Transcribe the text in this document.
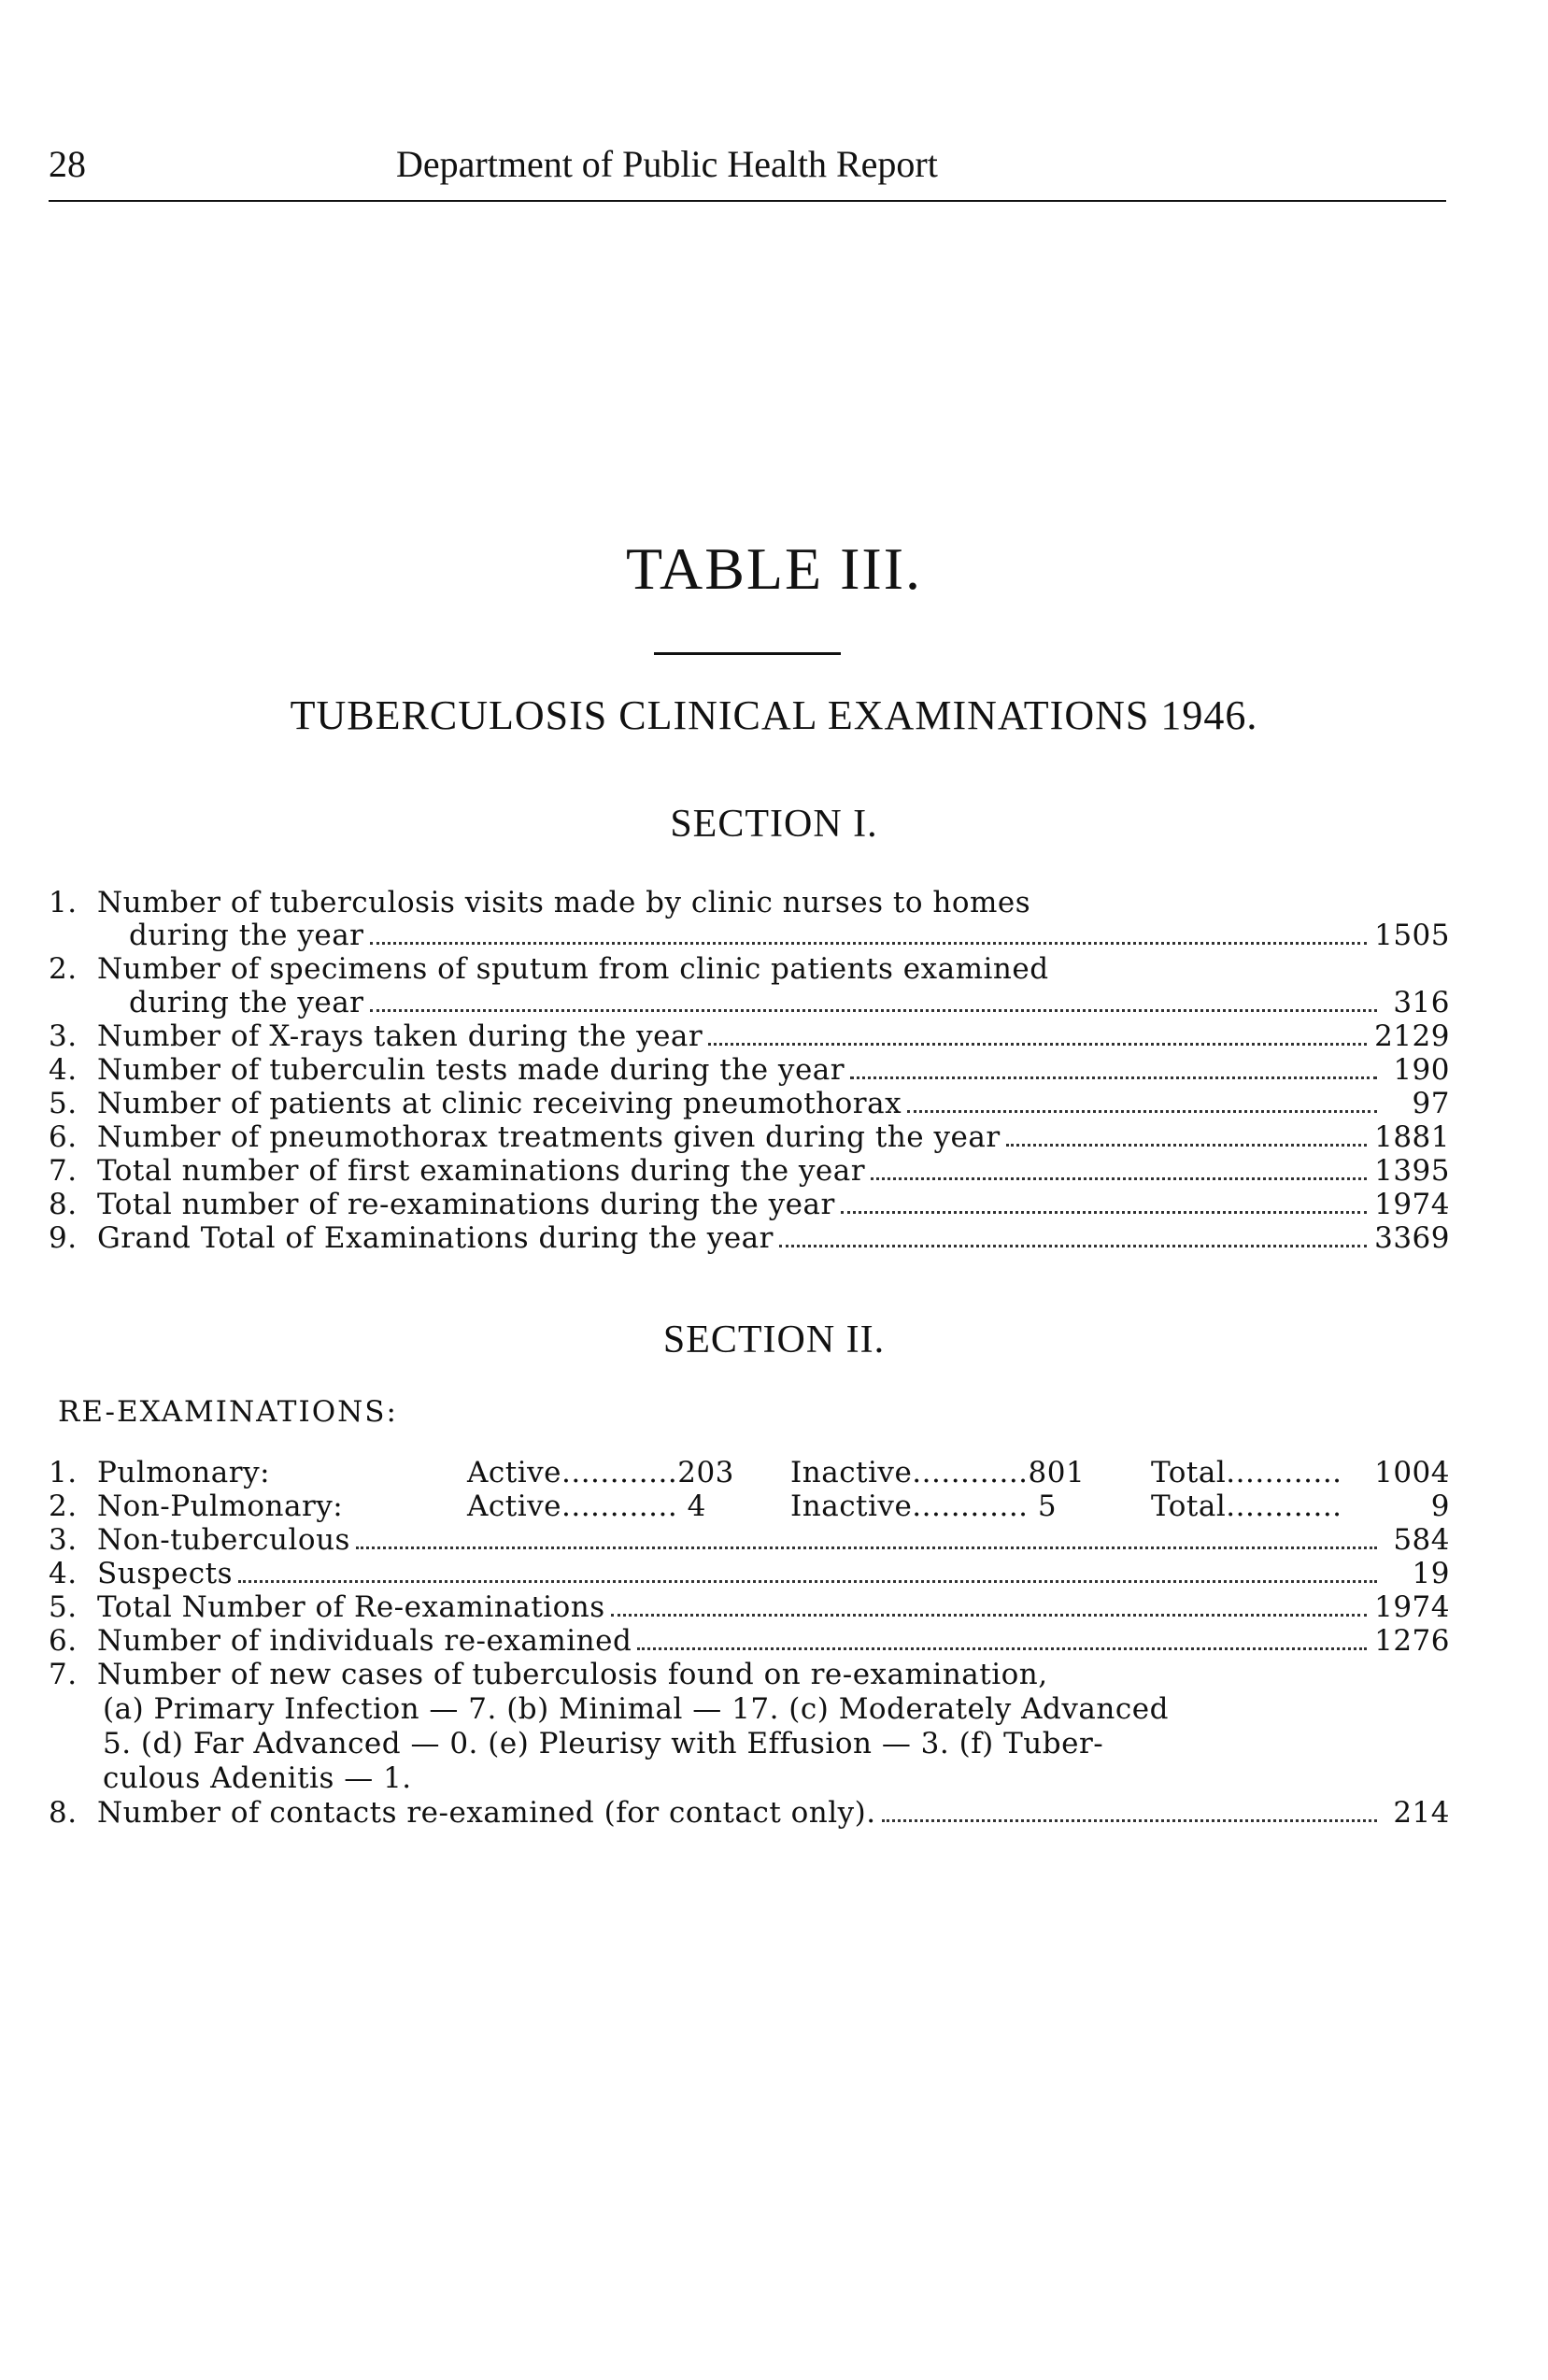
28	Department of Public Health Report
TABLE III.
TUBERCULOSIS CLINICAL EXAMINATIONS 1946.
SECTION I.
1. Number of tuberculosis visits made by clinic nurses to homes
during the year	1505
2. Number of specimens of sputum from clinic patients examined
during the year	316
3. Number of X-rays taken during the year	2129
4. Number of tuberculin tests made during the year	190
5. Number of patients at clinic receiving pneumothorax	97
6. Number of pneumothorax treatments given during the year	1881
7. Total number of first examinations during the year	1395
8. Total number of re-examinations during the year	1974
9. Grand Total of Examinations during the year	3369
SECTION II.
RE-EXAMINATIONS:
1. Pulmonary:	Active............203 Inactive............801 Total............ 1004
2. Non-Pulmonary:	Active............ 4	Inactive............ 5	Total............	9
3. Non-tuberculous	584
4. Suspects	19
5. Total Number of Re-examinations	1974
6. Number of individuals re-examined	1276
7. Number of new cases of tuberculosis found on re-examination,
(a) Primary Infection — 7. (b) Minimal — 17. (c) Moderately Advanced
5. (d) Far Advanced — 0. (e) Pleurisy with Effusion — 3. (f) Tuber-
culous Adenitis — 1.
8. Number of contacts re-examined (for contact only).	214
